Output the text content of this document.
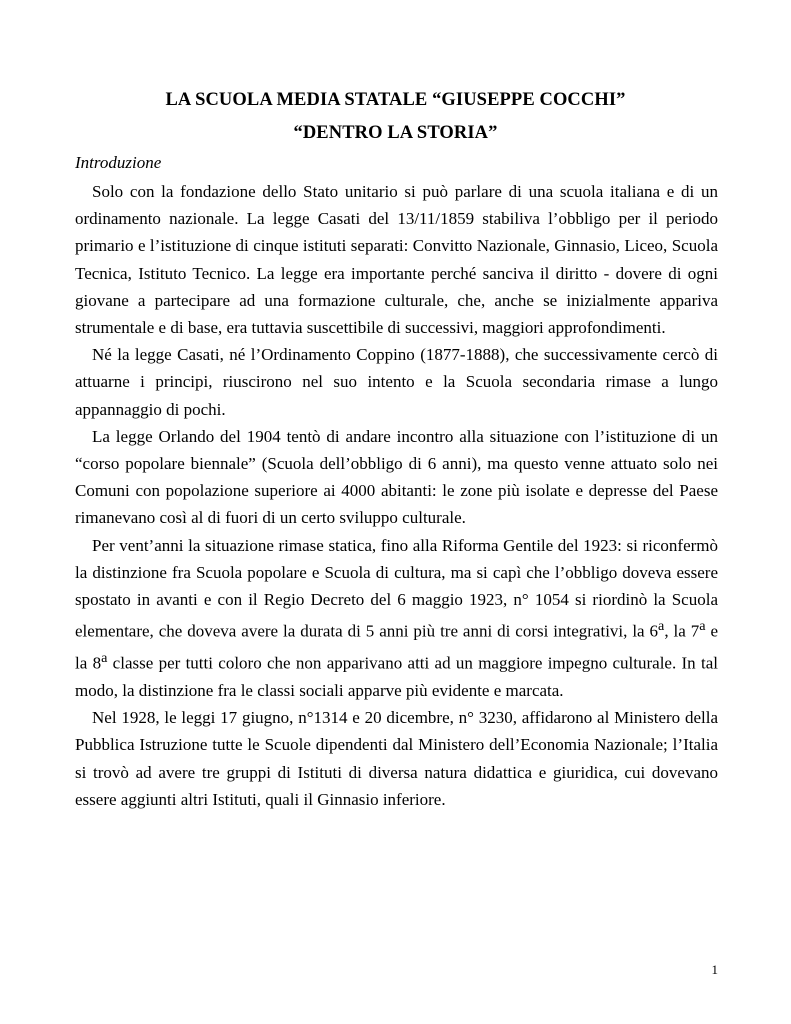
LA SCUOLA MEDIA STATALE “GIUSEPPE COCCHI”
“DENTRO LA STORIA”
Introduzione

Solo con la fondazione dello Stato unitario si può parlare di una scuola italiana e di un ordinamento nazionale. La legge Casati del 13/11/1859 stabiliva l’obbligo per il periodo primario e l’istituzione di cinque istituti separati: Convitto Nazionale, Ginnasio, Liceo, Scuola Tecnica, Istituto Tecnico. La legge era importante perché sanciva il diritto - dovere di ogni giovane a partecipare ad una formazione culturale, che, anche se inizialmente appariva strumentale e di base, era tuttavia suscettibile di successivi, maggiori approfondimenti.

Né la legge Casati, né l’Ordinamento Coppino (1877-1888), che successivamente cercò di attuarne i principi, riuscirono nel suo intento e la Scuola secondaria rimase a lungo appannaggio di pochi.

La legge Orlando del 1904 tentò di andare incontro alla situazione con l’istituzione di un “corso popolare biennale” (Scuola dell’obbligo di 6 anni), ma questo venne attuato solo nei Comuni con popolazione superiore ai 4000 abitanti: le zone più isolate e depresse del Paese rimanevano così al di fuori di un certo sviluppo culturale.

Per vent’anni la situazione rimase statica, fino alla Riforma Gentile del 1923: si riconfermò la distinzione fra Scuola popolare e Scuola di cultura, ma si capì che l’obbligo doveva essere spostato in avanti e con il Regio Decreto del 6 maggio 1923, n° 1054 si riordinò la Scuola elementare, che doveva avere la durata di 5 anni più tre anni di corsi integrativi, la 6$^a$, la 7$^a$ e la 8$^a$ classe per tutti coloro che non apparivano atti ad un maggiore impegno culturale. In tal modo, la distinzione fra le classi sociali apparve più evidente e marcata.

Nel 1928, le leggi 17 giugno, n°1314 e 20 dicembre, n° 3230, affidarono al Ministero della Pubblica Istruzione tutte le Scuole dipendenti dal Ministero dell’Economia Nazionale; l’Italia si trovò ad avere tre gruppi di Istituti di diversa natura didattica e giuridica, cui dovevano essere aggiunti altri Istituti, quali il Ginnasio inferiore.

1
